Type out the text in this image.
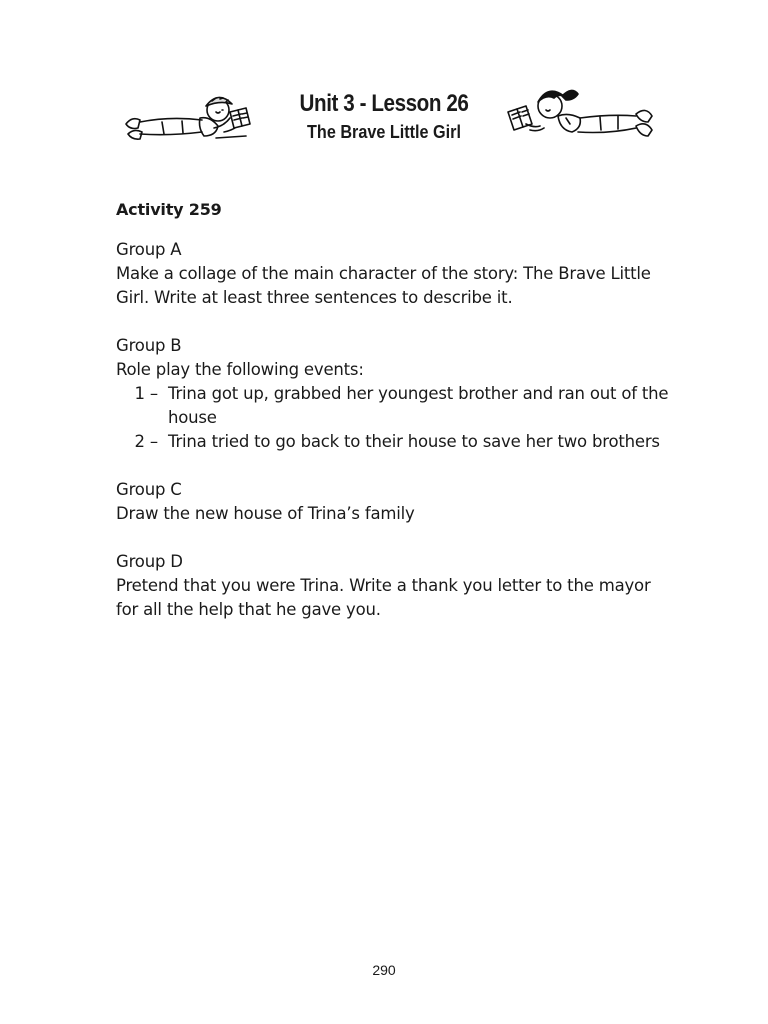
Unit 3 - Lesson 26
The Brave Little Girl
Activity 259

Group A

Make a collage of the main character of the story: The Brave Little Girl. Write at least three sentences to describe it.

Group B

Role play the following events:

1 – Trina got up, grabbed her youngest brother and ran out of the house
2 – Trina tried to go back to their house to save her two brothers

Group C

Draw the new house of Trina’s family

Group D

Pretend that you were Trina. Write a thank you letter to the mayor for all the help that he gave you.

290
